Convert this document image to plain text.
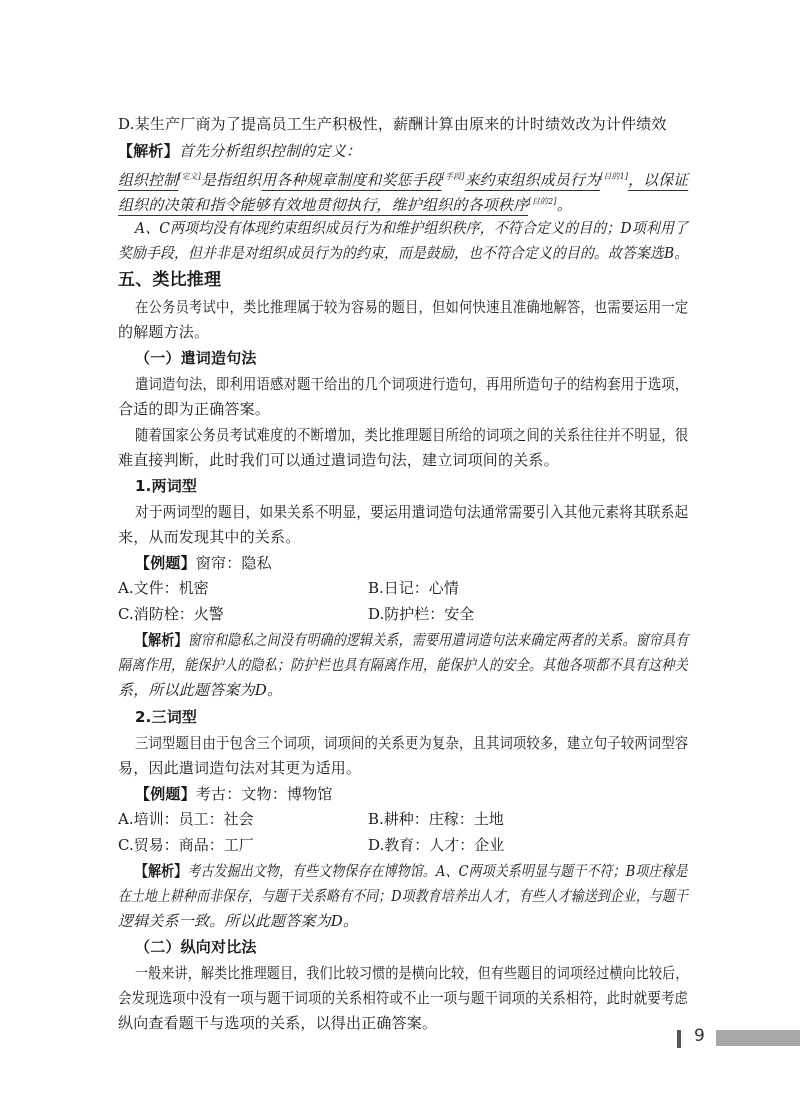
D.某生产厂商为了提高员工生产积极性，薪酬计算由原来的计时绩效改为计件绩效
【解析】首先分析组织控制的定义：
组织控制[定义]是指组织用各种规章制度和奖惩手段[手段]来约束组织成员行为[目的1]，以保证
组织的决策和指令能够有效地贯彻执行，维护组织的各项秩序[目的2]。
A、C两项均没有体现约束组织成员行为和维护组织秩序，不符合定义的目的；D项利用了
奖励手段，但并非是对组织成员行为的约束，而是鼓励，也不符合定义的目的。故答案选B。
五、类比推理
在公务员考试中，类比推理属于较为容易的题目，但如何快速且准确地解答，也需要运用一定
的解题方法。
（一）遣词造句法
遣词造句法，即利用语感对题干给出的几个词项进行造句，再用所造句子的结构套用于选项，
合适的即为正确答案。
随着国家公务员考试难度的不断增加，类比推理题目所给的词项之间的关系往往并不明显，很
难直接判断，此时我们可以通过遣词造句法，建立词项间的关系。
1.两词型
对于两词型的题目，如果关系不明显，要运用遣词造句法通常需要引入其他元素将其联系起
来，从而发现其中的关系。
【例题】窗帘：隐私
A.文件：机密	B.日记：心情
C.消防栓：火警	D.防护栏：安全
【解析】窗帘和隐私之间没有明确的逻辑关系，需要用遣词造句法来确定两者的关系。窗帘具有
隔离作用，能保护人的隐私；防护栏也具有隔离作用，能保护人的安全。其他各项都不具有这种关
系，所以此题答案为D。
2.三词型
三词型题目由于包含三个词项，词项间的关系更为复杂，且其词项较多，建立句子较两词型容
易，因此遣词造句法对其更为适用。
【例题】考古：文物：博物馆
A.培训：员工：社会	B.耕种：庄稼：土地
C.贸易：商品：工厂	D.教育：人才：企业
【解析】考古发掘出文物，有些文物保存在博物馆。A、C两项关系明显与题干不符；B项庄稼是
在土地上耕种而非保存，与题干关系略有不同；D项教育培养出人才，有些人才输送到企业，与题干
逻辑关系一致。所以此题答案为D。
（二）纵向对比法
一般来讲，解类比推理题目，我们比较习惯的是横向比较，但有些题目的词项经过横向比较后，
会发现选项中没有一项与题干词项的关系相符或不止一项与题干词项的关系相符，此时就要考虑
纵向查看题干与选项的关系，以得出正确答案。
9
